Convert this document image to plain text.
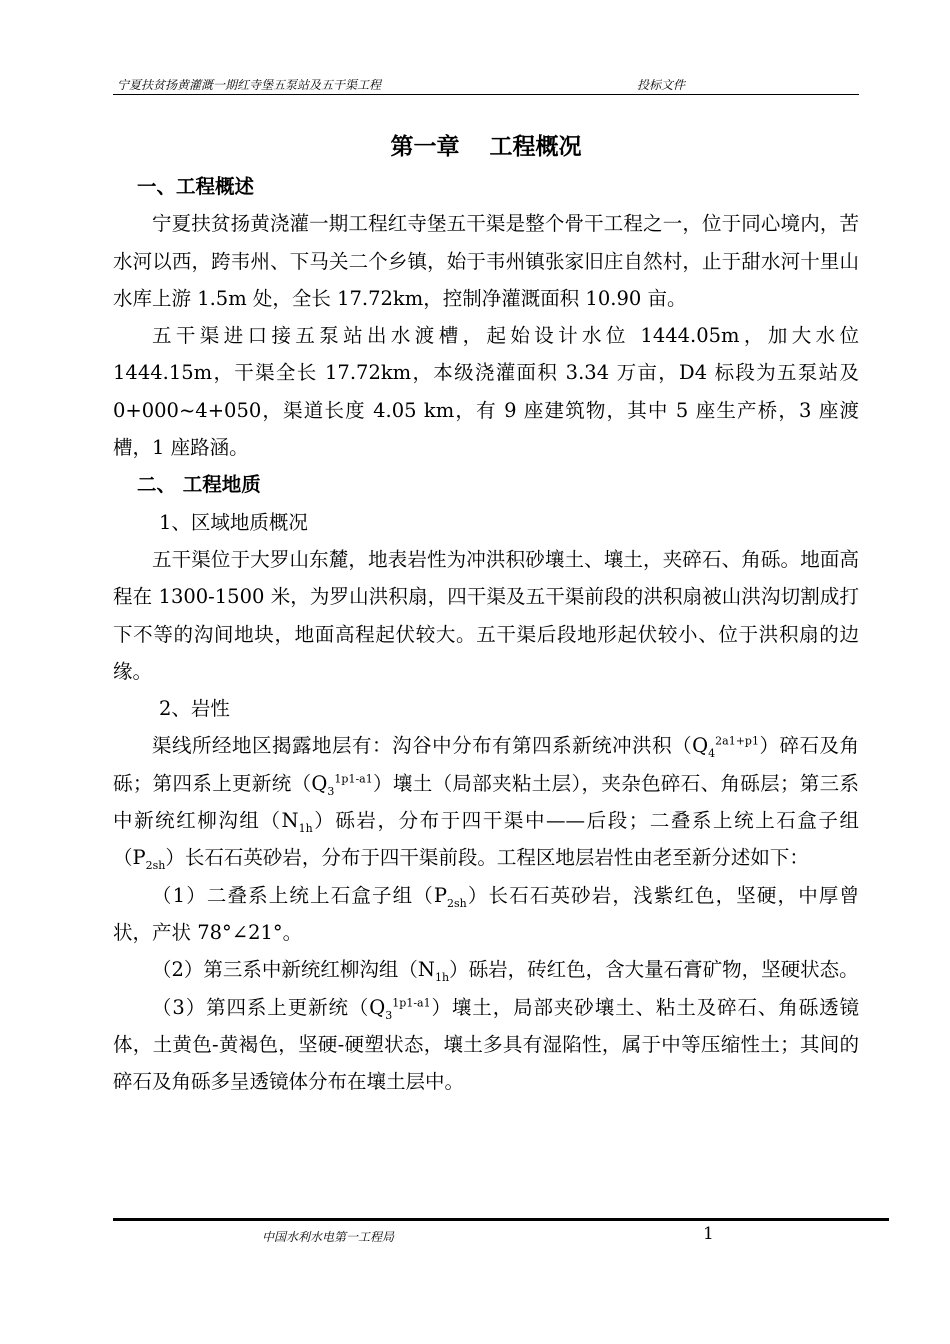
宁夏扶贫扬黄灌溉一期红寺堡五泵站及五干渠工程	投标文件
第一章 工程概况

一、工程概述

宁夏扶贫扬黄浇灌一期工程红寺堡五干渠是整个骨干工程之一，位于同心境内，苦水河以西，跨韦州、下马关二个乡镇，始于韦州镇张家旧庄自然村，止于甜水河十里山　 水库上游 1.5m 处，全长 17.72km，控制净灌溉面积 10.90 亩。

五干渠进口接五泵站出水渡槽，起始设计水位 1444.05m，加大水位 1444.15m，干渠全长 17.72km，本级浇灌面积 3.34 万亩，D4 标段为五泵站及 0+000~4+050，渠道长度 4.05 km，有 9 座建筑物，其中 5 座生产桥，3 座渡槽，1 座路涵。

二、 工程地质

1、区域地质概况

五干渠位于大罗山东麓，地表岩性为冲洪积砂壤土、壤土，夹碎石、角砾。地面高程在 1300-1500 米，为罗山洪积扇，四干渠及五干渠前段的洪积扇被山洪沟切割成打下不等的沟间地块，地面高程起伏较大。五干渠后段地形起伏较小、位于洪积扇的边缘。

2、岩性

渠线所经地区揭露地层有：沟谷中分布有第四系新统冲洪积$(Q_4^{2a1+p1})$碎石及角砾；第四系上更新统$(Q_3^{1p1-a1})$壤土（局部夹粘土层），夹杂色碎石、角砾层；第三系中新统红柳沟组$(N_{1h})$砾岩，分布于四干渠中——后段；二叠系上统上石盒子组$(P_{2sh})$长石石英砂岩，分布于四干渠前段。工程区地层岩性由老至新分述如下：

（1）二叠系上统上石盒子组$(P_{2sh})$长石石英砂岩，浅紫红色，坚硬，中厚曾状，产状 78°∠21°。

（2）第三系中新统红柳沟组$(N_{1h})$砾岩，砖红色，含大量石膏矿物，坚硬状态。

（3）第四系上更新统$(Q_3^{1p1-a1})$壤土，局部夹砂壤土、粘土及碎石、角砾透镜体，土黄色-黄褐色，坚硬-硬塑状态，壤土多具有湿陷性，属于中等压缩性土；其间的碎石及角砾多呈透镜体分布在壤土层中。

中国水利水电第一工程局	1
